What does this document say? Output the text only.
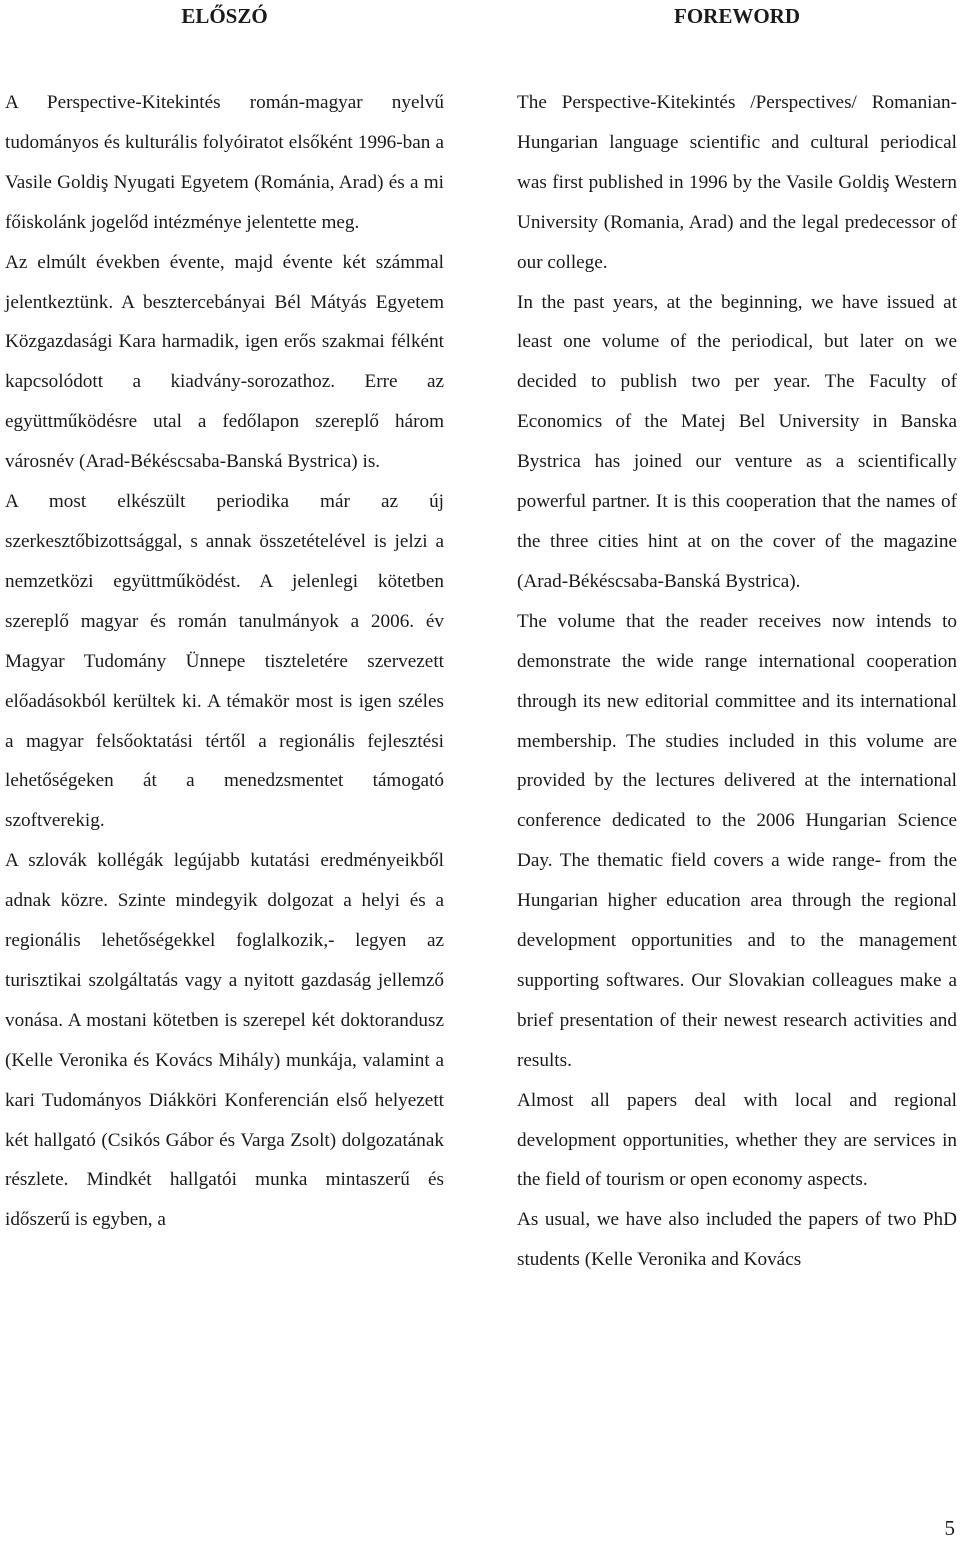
ELŐSZÓ

A Perspective-Kitekintés román-magyar nyelvű tudományos és kulturális folyóiratot elsőként 1996-ban a Vasile Goldiş Nyugati Egyetem (Románia, Arad) és a mi főiskolánk jogelőd intézménye jelentette meg.

Az elmúlt években évente, majd évente két számmal jelentkeztünk. A besztercebányai Bél Mátyás Egyetem Közgazdasági Kara harmadik, igen erős szakmai félként kapcsolódott a kiadvány-sorozathoz. Erre az együttműködésre utal a fedőlapon szereplő három városnév (Arad-Békéscsaba-Banská Bystrica) is.

A most elkészült periodika már az új szerkesztőbizottsággal, s annak összetételével is jelzi a nemzetközi együttműködést. A jelenlegi kötetben szereplő magyar és román tanulmányok a 2006. év Magyar Tudomány Ünnepe tiszteletére szervezett előadásokból kerültek ki. A témakör most is igen széles a magyar felsőoktatási tértől a regionális fejlesztési lehetőségeken át a menedzsmentet támogató szoftverekig.

A szlovák kollégák legújabb kutatási eredményeikből adnak közre. Szinte mindegyik dolgozat a helyi és a regionális lehetőségekkel foglalkozik,- legyen az turisztikai szolgáltatás vagy a nyitott gazdaság jellemző vonása. A mostani kötetben is szerepel két doktorandusz (Kelle Veronika és Kovács Mihály) munkája, valamint a kari Tudományos Diákköri Konferencián első helyezett két hallgató (Csikós Gábor és Varga Zsolt) dolgozatának részlete. Mindkét hallgatói munka mintaszerű és időszerű is egyben, a

FOREWORD

The Perspective-Kitekintés /Perspectives/ Romanian-Hungarian language scientific and cultural periodical was first published in 1996 by the Vasile Goldiş Western University (Romania, Arad) and the legal predecessor of our college.

In the past years, at the beginning, we have issued at least one volume of the periodical, but later on we decided to publish two per year. The Faculty of Economics of the Matej Bel University in Banska Bystrica has joined our venture as a scientifically powerful partner. It is this cooperation that the names of the three cities hint at on the cover of the magazine (Arad-Békéscsaba-Banská Bystrica).

The volume that the reader receives now intends to demonstrate the wide range international cooperation through its new editorial committee and its international membership. The studies included in this volume are provided by the lectures delivered at the international conference dedicated to the 2006 Hungarian Science Day. The thematic field covers a wide range- from the Hungarian higher education area through the regional development opportunities and to the management supporting softwares. Our Slovakian colleagues make a brief presentation of their newest research activities and results.

Almost all papers deal with local and regional development opportunities, whether they are services in the field of tourism or open economy aspects.

As usual, we have also included the papers of two PhD students (Kelle Veronika and Kovács

5
